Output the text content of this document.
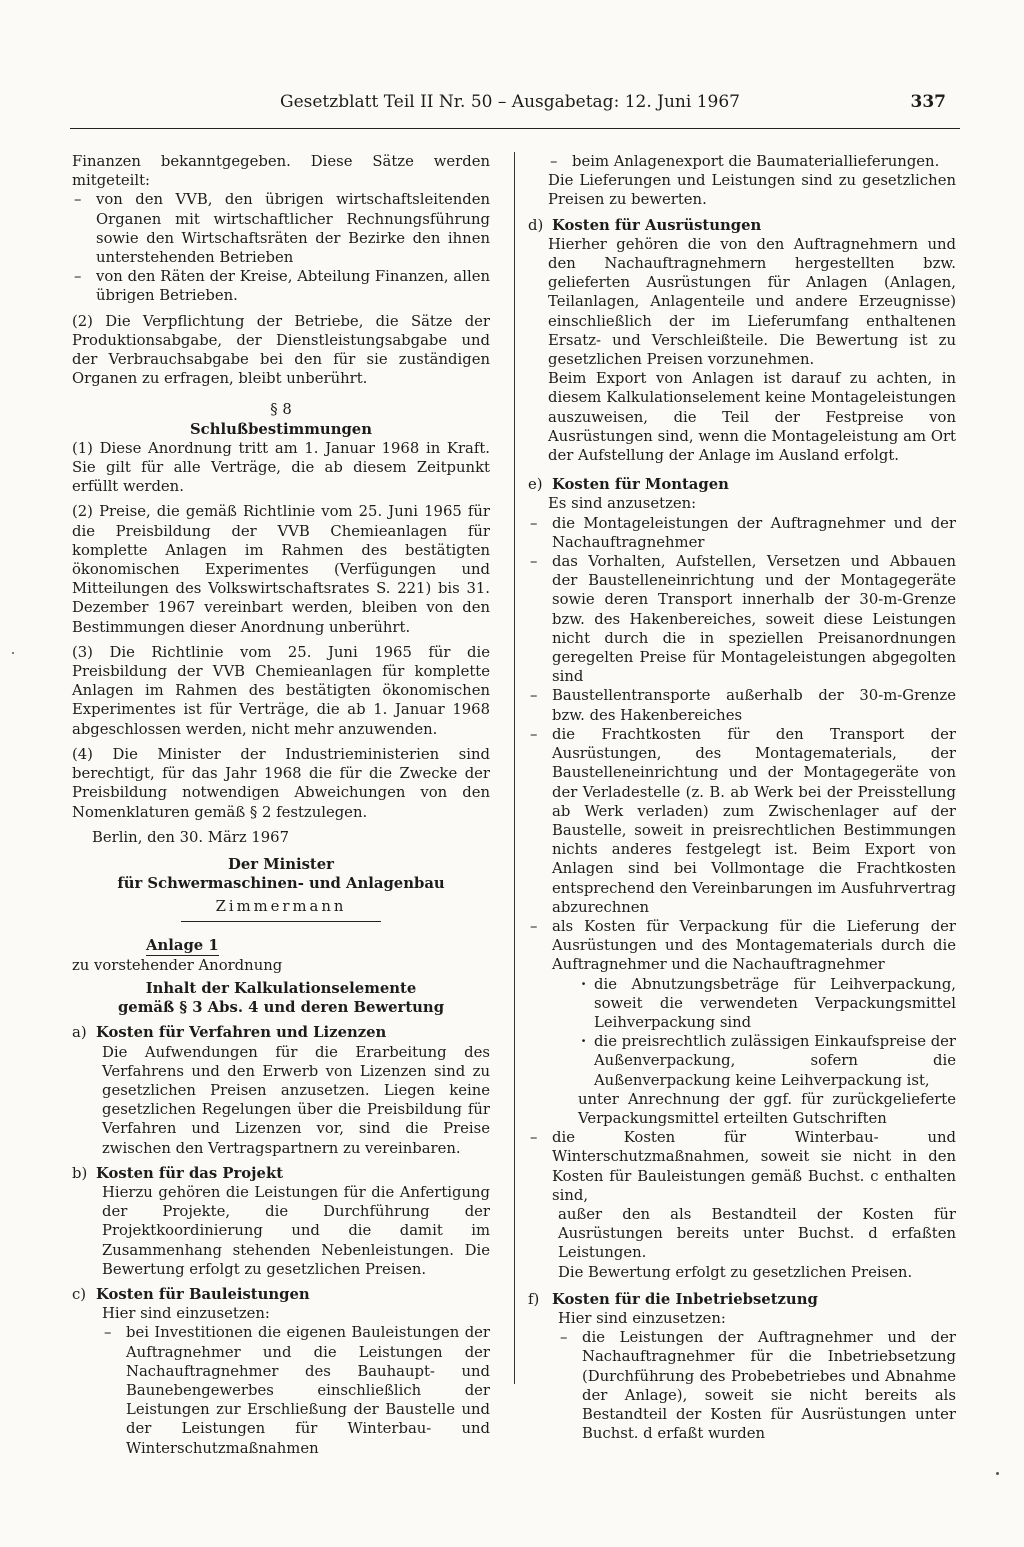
Gesetzblatt Teil II Nr. 50 – Ausgabetag: 12. Juni 1967	337

Finanzen bekanntgegeben. Diese Sätze werden mitgeteilt:

– von den VVB, den übrigen wirtschaftsleitenden Organen mit wirtschaftlicher Rechnungsführung sowie den Wirtschaftsräten der Bezirke den ihnen unterstehenden Betrieben
– von den Räten der Kreise, Abteilung Finanzen, allen übrigen Betrieben.

(2) Die Verpflichtung der Betriebe, die Sätze der Produktionsabgabe, der Dienstleistungsabgabe und der Verbrauchsabgabe bei den für sie zuständigen Organen zu erfragen, bleibt unberührt.

§ 8
Schlußbestimmungen

(1) Diese Anordnung tritt am 1. Januar 1968 in Kraft. Sie gilt für alle Verträge, die ab diesem Zeitpunkt erfüllt werden.

(2) Preise, die gemäß Richtlinie vom 25. Juni 1965 für die Preisbildung der VVB Chemieanlagen für komplette Anlagen im Rahmen des bestätigten ökonomischen Experimentes (Verfügungen und Mitteilungen des Volkswirtschaftsrates S. 221) bis 31. Dezember 1967 vereinbart werden, bleiben von den Bestimmungen dieser Anordnung unberührt.

(3) Die Richtlinie vom 25. Juni 1965 für die Preisbildung der VVB Chemieanlagen für komplette Anlagen im Rahmen des bestätigten ökonomischen Experimentes ist für Verträge, die ab 1. Januar 1968 abgeschlossen werden, nicht mehr anzuwenden.

(4) Die Minister der Industrieministerien sind berechtigt, für das Jahr 1968 die für die Zwecke der Preisbildung notwendigen Abweichungen von den Nomenklaturen gemäß § 2 festzulegen.

Berlin, den 30. März 1967

Der Minister
für Schwermaschinen- und Anlagenbau
Zimmermann
Anlage 1
zu vorstehender Anordnung
Inhalt der Kalkulationselemente
gemäß § 3 Abs. 4 und deren Bewertung
a) Kosten für Verfahren und Lizenzen

Die Aufwendungen für die Erarbeitung des Verfahrens und den Erwerb von Lizenzen sind zu gesetzlichen Preisen anzusetzen. Liegen keine gesetzlichen Regelungen über die Preisbildung für Verfahren und Lizenzen vor, sind die Preise zwischen den Vertragspartnern zu vereinbaren.

b) Kosten für das Projekt

Hierzu gehören die Leistungen für die Anfertigung der Projekte, die Durchführung der Projektkoordinierung und die damit im Zusammenhang stehenden Nebenleistungen. Die Bewertung erfolgt zu gesetzlichen Preisen.

c) Kosten für Bauleistungen

Hier sind einzusetzen:

– bei Investitionen die eigenen Bauleistungen der Auftragnehmer und die Leistungen der Nachauftragnehmer des Bauhaupt- und Baunebengewerbes einschließlich der Leistungen zur Erschließung der Baustelle und der Leistungen für Winterbau- und Winterschutzmaßnahmen
– beim Anlagenexport die Baumateriallieferungen.

Die Lieferungen und Leistungen sind zu gesetzlichen Preisen zu bewerten.

d) Kosten für Ausrüstungen

Hierher gehören die von den Auftragnehmern und den Nachauftragnehmern hergestellten bzw. gelieferten Ausrüstungen für Anlagen (Anlagen, Teilanlagen, Anlagenteile und andere Erzeugnisse) einschließlich der im Lieferumfang enthaltenen Ersatz- und Verschleißteile. Die Bewertung ist zu gesetzlichen Preisen vorzunehmen.

Beim Export von Anlagen ist darauf zu achten, in diesem Kalkulationselement keine Montageleistungen auszuweisen, die Teil der Festpreise von Ausrüstungen sind, wenn die Montageleistung am Ort der Aufstellung der Anlage im Ausland erfolgt.

e) Kosten für Montagen

Es sind anzusetzen:

– die Montageleistungen der Auftragnehmer und der Nachauftragnehmer
– das Vorhalten, Aufstellen, Versetzen und Abbauen der Baustelleneinrichtung und der Montagegeräte sowie deren Transport innerhalb der 30-m-Grenze bzw. des Hakenbereiches, soweit diese Leistungen nicht durch die in speziellen Preisanordnungen geregelten Preise für Montageleistungen abgegolten sind
– Baustellentransporte außerhalb der 30-m-Grenze bzw. des Hakenbereiches
– die Frachtkosten für den Transport der Ausrüstungen, des Montagematerials, der Baustelleneinrichtung und der Montagegeräte von der Verladestelle (z. B. ab Werk bei der Preisstellung ab Werk verladen) zum Zwischenlager auf der Baustelle, soweit in preisrechtlichen Bestimmungen nichts anderes festgelegt ist. Beim Export von Anlagen sind bei Vollmontage die Frachtkosten entsprechend den Vereinbarungen im Ausfuhrvertrag abzurechnen
– als Kosten für Verpackung für die Lieferung der Ausrüstungen und des Montagematerials durch die Auftragnehmer und die Nachauftragnehmer
· die Abnutzungsbeträge für Leihverpackung, soweit die verwendeten Verpackungsmittel Leihverpackung sind
· die preisrechtlich zulässigen Einkaufspreise der Außenverpackung, sofern die Außenverpackung keine Leihverpackung ist,

unter Anrechnung der ggf. für zurückgelieferte Verpackungsmittel erteilten Gutschriften

– die Kosten für Winterbau- und Winterschutzmaßnahmen, soweit sie nicht in den Kosten für Bauleistungen gemäß Buchst. c enthalten sind,

außer den als Bestandteil der Kosten für Ausrüstungen bereits unter Buchst. d erfaßten Leistungen.

Die Bewertung erfolgt zu gesetzlichen Preisen.

f) Kosten für die Inbetriebsetzung

Hier sind einzusetzen:

– die Leistungen der Auftragnehmer und der Nachauftragnehmer für die Inbetriebsetzung (Durchführung des Probebetriebes und Abnahme der Anlage), soweit sie nicht bereits als Bestandteil der Kosten für Ausrüstungen unter Buchst. d erfaßt wurden
